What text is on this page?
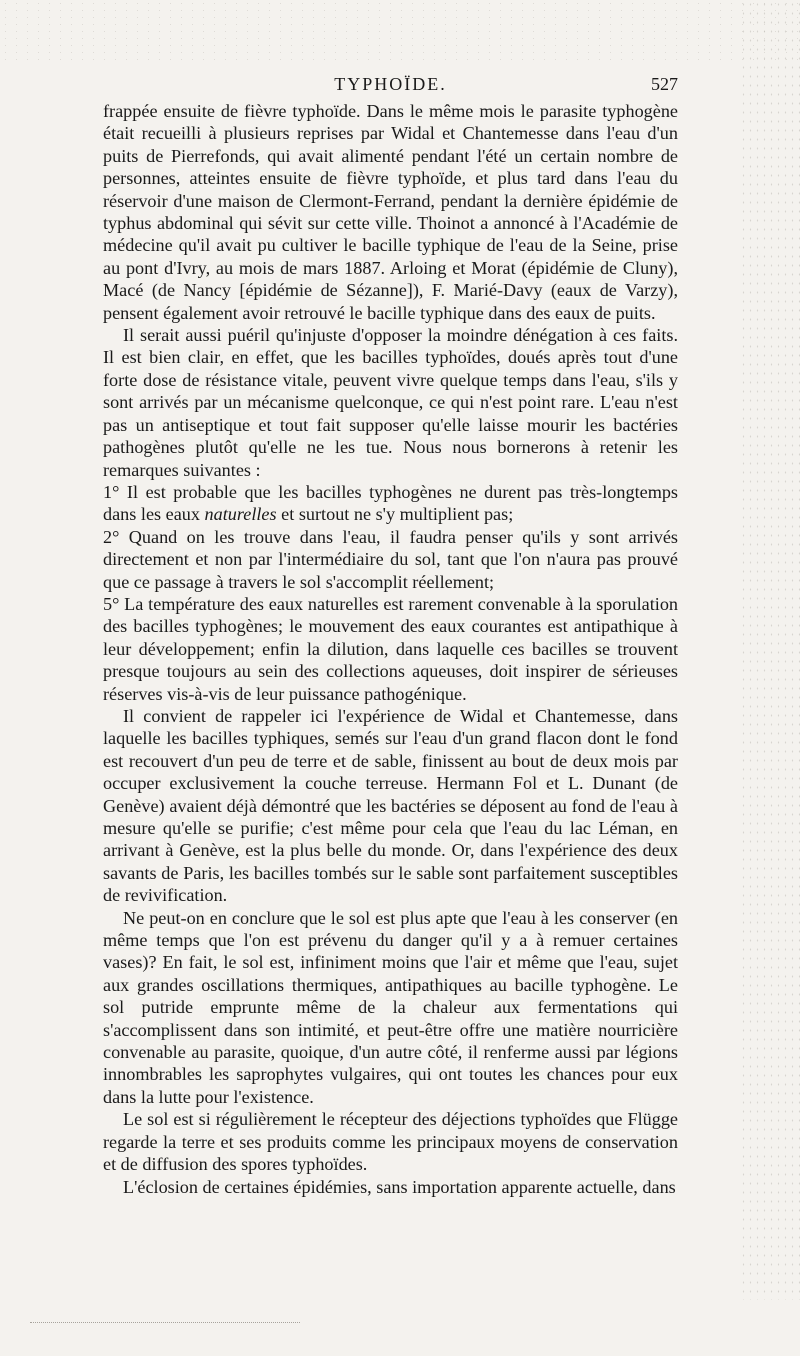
TYPHOÏDE.	527

frappée ensuite de fièvre typhoïde. Dans le même mois le parasite typhogène était recueilli à plusieurs reprises par Widal et Chantemesse dans l'eau d'un puits de Pierrefonds, qui avait alimenté pendant l'été un certain nombre de personnes, atteintes ensuite de fièvre typhoïde, et plus tard dans l'eau du réservoir d'une maison de Clermont-Ferrand, pendant la dernière épidémie de typhus abdominal qui sévit sur cette ville. Thoinot a annoncé à l'Académie de médecine qu'il avait pu cultiver le bacille typhique de l'eau de la Seine, prise au pont d'Ivry, au mois de mars 1887. Arloing et Morat (épidémie de Cluny), Macé (de Nancy [épidémie de Sézanne]), F. Marié-Davy (eaux de Varzy), pensent également avoir retrouvé le bacille typhique dans des eaux de puits.

Il serait aussi puéril qu'injuste d'opposer la moindre dénégation à ces faits. Il est bien clair, en effet, que les bacilles typhoïdes, doués après tout d'une forte dose de résistance vitale, peuvent vivre quelque temps dans l'eau, s'ils y sont arrivés par un mécanisme quelconque, ce qui n'est point rare. L'eau n'est pas un antiseptique et tout fait supposer qu'elle laisse mourir les bactéries pathogènes plutôt qu'elle ne les tue. Nous nous bornerons à retenir les remarques suivantes :

1° Il est probable que les bacilles typhogènes ne durent pas très-longtemps dans les eaux naturelles et surtout ne s'y multiplient pas;

2° Quand on les trouve dans l'eau, il faudra penser qu'ils y sont arrivés directement et non par l'intermédiaire du sol, tant que l'on n'aura pas prouvé que ce passage à travers le sol s'accomplit réellement;

5° La température des eaux naturelles est rarement convenable à la sporulation des bacilles typhogènes; le mouvement des eaux courantes est antipathique à leur développement; enfin la dilution, dans laquelle ces bacilles se trouvent presque toujours au sein des collections aqueuses, doit inspirer de sérieuses réserves vis-à-vis de leur puissance pathogénique.

Il convient de rappeler ici l'expérience de Widal et Chantemesse, dans laquelle les bacilles typhiques, semés sur l'eau d'un grand flacon dont le fond est recouvert d'un peu de terre et de sable, finissent au bout de deux mois par occuper exclusivement la couche terreuse. Hermann Fol et L. Dunant (de Genève) avaient déjà démontré que les bactéries se déposent au fond de l'eau à mesure qu'elle se purifie; c'est même pour cela que l'eau du lac Léman, en arrivant à Genève, est la plus belle du monde. Or, dans l'expérience des deux savants de Paris, les bacilles tombés sur le sable sont parfaitement susceptibles de revivification.

Ne peut-on en conclure que le sol est plus apte que l'eau à les conserver (en même temps que l'on est prévenu du danger qu'il y a à remuer certaines vases)? En fait, le sol est, infiniment moins que l'air et même que l'eau, sujet aux grandes oscillations thermiques, antipathiques au bacille typhogène. Le sol putride emprunte même de la chaleur aux fermentations qui s'accomplissent dans son intimité, et peut-être offre une matière nourricière convenable au parasite, quoique, d'un autre côté, il renferme aussi par légions innombrables les saprophytes vulgaires, qui ont toutes les chances pour eux dans la lutte pour l'existence.

Le sol est si régulièrement le récepteur des déjections typhoïdes que Flügge regarde la terre et ses produits comme les principaux moyens de conservation et de diffusion des spores typhoïdes.

L'éclosion de certaines épidémies, sans importation apparente actuelle, dans
